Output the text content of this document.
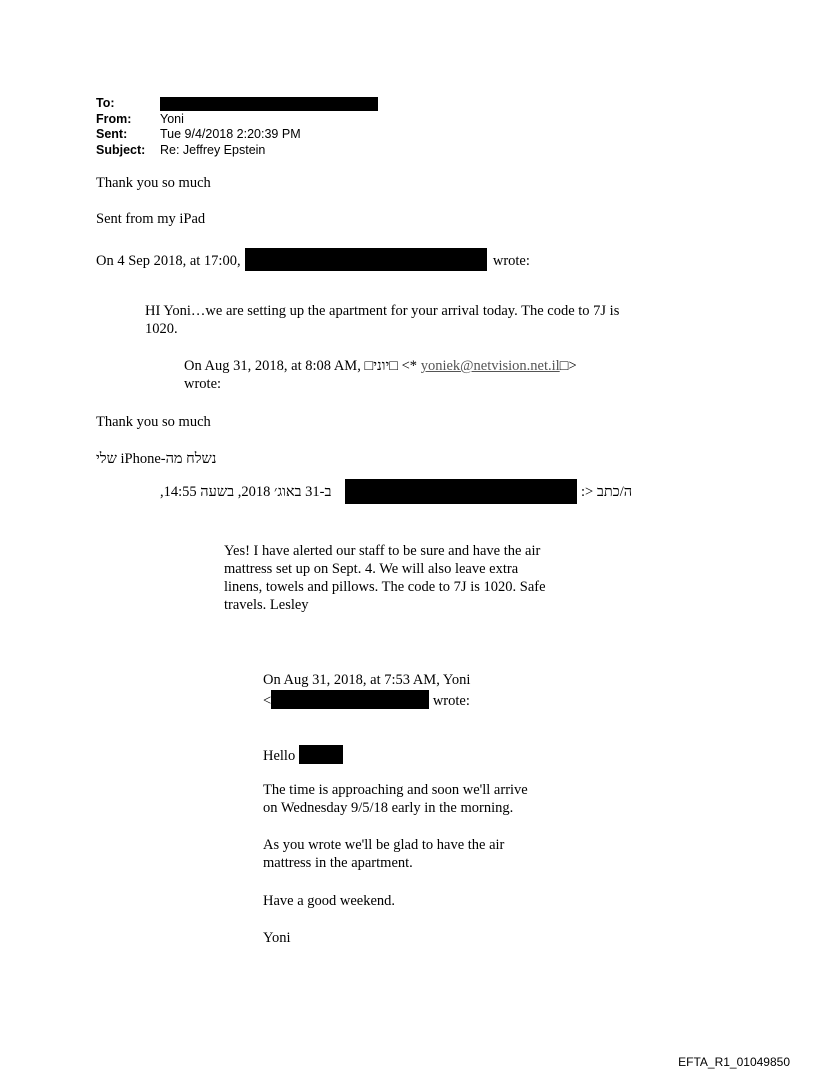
To:
From:	Yoni
Sent:	Tue 9/4/2018 2:20:39 PM
Subject:	Re: Jeffrey Epstein
Thank you so much
Sent from my iPad
On 4 Sep 2018, at 17:00,	wrote:
HI Yoni…we are setting up the apartment for your arrival today. The code to 7J is
1020.
On Aug 31, 2018, at 8:08 AM, □יוני□ <* yoniek@netvision.net.il□>
wrote:
Thank you so much
נשלח מה-iPhone שלי
ב-31 באוג׳ 2018, בשעה 14:55,	ה/כתב <:
Yes! I have alerted our staff to be sure and have the air
mattress set up on Sept. 4. We will also leave extra
linens, towels and pillows. The code to 7J is 1020. Safe
travels. Lesley
On Aug 31, 2018, at 7:53 AM, Yoni
<	wrote:
Hello
The time is approaching and soon we'll arrive
on Wednesday 9/5/18 early in the morning.
As you wrote we'll be glad to have the air
mattress in the apartment.
Have a good weekend.
Yoni
EFTA_R1_01049850
